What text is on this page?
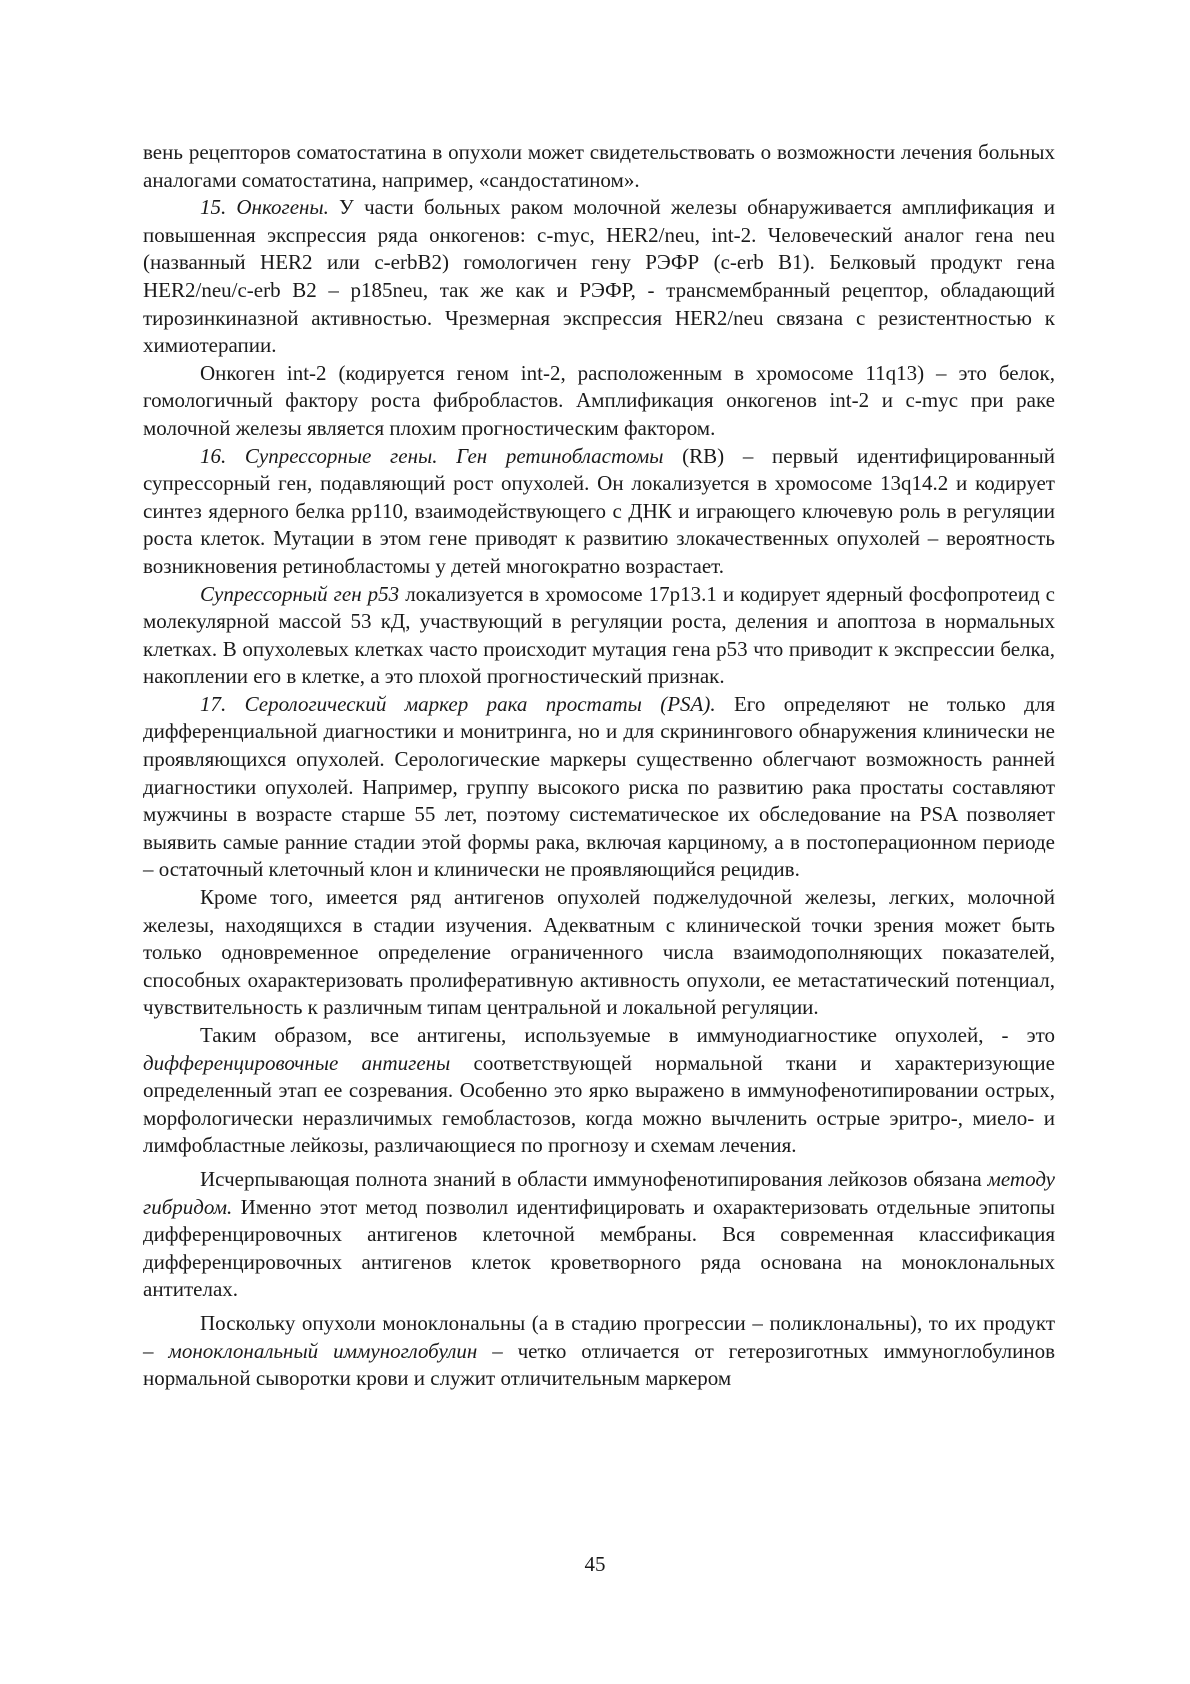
вень рецепторов соматостатина в опухоли может свидетельствовать о возможности лечения больных аналогами соматостатина, например, «сандостатином».

15. Онкогены. У части больных раком молочной железы обнаруживается амплификация и повышенная экспрессия ряда онкогенов: c-myc, HER2/neu, int-2. Человеческий аналог гена neu (названный HER2 или c-erbB2) гомологичен гену РЭФР (c-erb B1). Белковый продукт гена HER2/neu/c-erb B2 – p185neu, так же как и РЭФР, - трансмембранный рецептор, обладающий тирозинкиназной активностью. Чрезмерная экспрессия HER2/neu связана с резистентностью к химиотерапии.

Онкоген int-2 (кодируется геном int-2, расположенным в хромосоме 11q13) – это белок, гомологичный фактору роста фибробластов. Амплификация онкогенов int-2 и c-myc при раке молочной железы является плохим прогностическим фактором.

16. Супрессорные гены. Ген ретинобластомы (RB) – первый идентифицированный супрессорный ген, подавляющий рост опухолей. Он локализуется в хромосоме 13q14.2 и кодирует синтез ядерного белка pp110, взаимодействующего с ДНК и играющего ключевую роль в регуляции роста клеток. Мутации в этом гене приводят к развитию злокачественных опухолей – вероятность возникновения ретинобластомы у детей многократно возрастает.

Супрессорный ген p53 локализуется в хромосоме 17p13.1 и кодирует ядерный фосфопротеид с молекулярной массой 53 кД, участвующий в регуляции роста, деления и апоптоза в нормальных клетках. В опухолевых клетках часто происходит мутация гена p53 что приводит к экспрессии белка, накоплении его в клетке, а это плохой прогностический признак.

17. Серологический маркер рака простаты (PSA). Его определяют не только для дифференциальной диагностики и монитринга, но и для скринингового обнаружения клинически не проявляющихся опухолей. Серологические маркеры существенно облегчают возможность ранней диагностики опухолей. Например, группу высокого риска по развитию рака простаты составляют мужчины в возрасте старше 55 лет, поэтому систематическое их обследование на PSA позволяет выявить самые ранние стадии этой формы рака, включая карциному, а в постоперационном периоде – остаточный клеточный клон и клинически не проявляющийся рецидив.

Кроме того, имеется ряд антигенов опухолей поджелудочной железы, легких, молочной железы, находящихся в стадии изучения. Адекватным с клинической точки зрения может быть только одновременное определение ограниченного числа взаимодополняющих показателей, способных охарактеризовать пролиферативную активность опухоли, ее метастатический потенциал, чувствительность к различным типам центральной и локальной регуляции.

Таким образом, все антигены, используемые в иммунодиагностике опухолей, - это дифференцировочные антигены соответствующей нормальной ткани и характеризующие определенный этап ее созревания. Особенно это ярко выражено в иммунофенотипировании острых, морфологически неразличимых гемобластозов, когда можно вычленить острые эритро-, миело- и лимфобластные лейкозы, различающиеся по прогнозу и схемам лечения.

Исчерпывающая полнота знаний в области иммунофенотипирования лейкозов обязана методу гибридом. Именно этот метод позволил идентифицировать и охарактеризовать отдельные эпитопы дифференцировочных антигенов клеточной мембраны. Вся современная классификация дифференцировочных антигенов клеток кроветворного ряда основана на моноклональных антителах.

Поскольку опухоли моноклональны (а в стадию прогрессии – поликлональны), то их продукт – моноклональный иммуноглобулин – четко отличается от гетерозиготных иммуноглобулинов нормальной сыворотки крови и служит отличительным маркером

45
